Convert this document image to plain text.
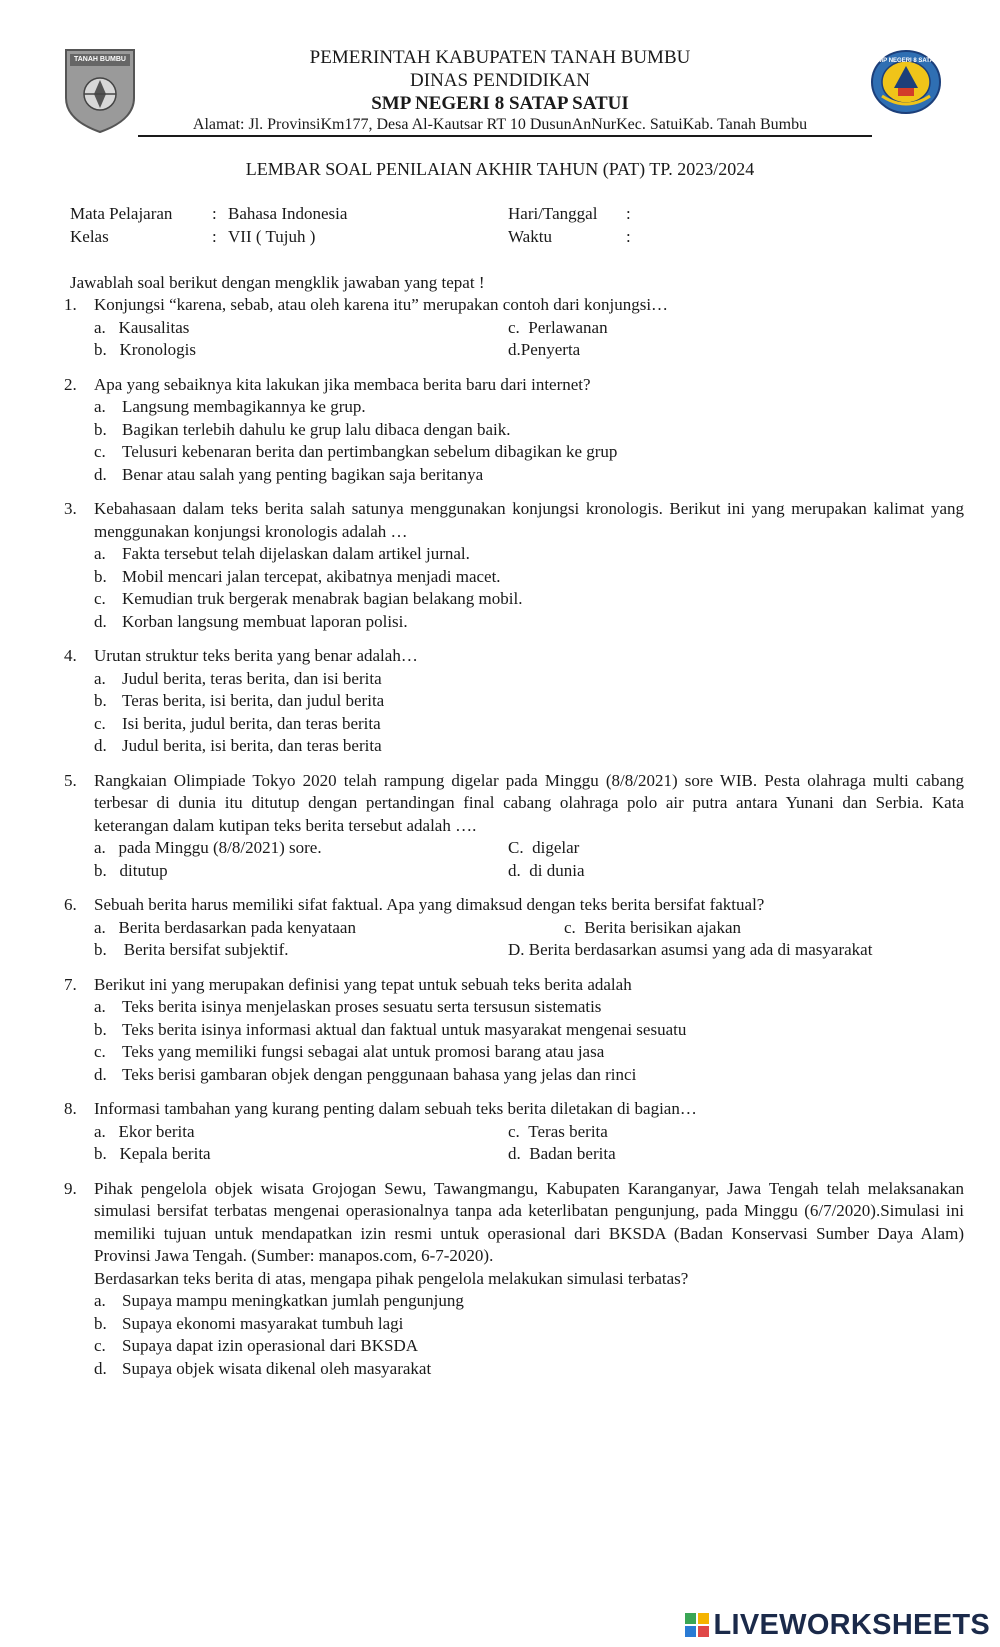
TANAH BUMBU	SMP NEGERI 8 SATAP
PEMERINTAH KABUPATEN TANAH BUMBU
DINAS PENDIDIKAN
SMP NEGERI 8 SATAP SATUI
Alamat: Jl. ProvinsiKm177, Desa Al-Kautsar RT 10 DusunAnNurKec. SatuiKab. Tanah Bumbu
LEMBAR SOAL PENILAIAN AKHIR TAHUN (PAT) TP. 2023/2024
Mata Pelajaran : Bahasa Indonesia	Hari/Tanggal :
Kelas	: VII ( Tujuh )	Waktu	:
Jawablah soal berikut dengan mengklik jawaban yang tepat !
1. Konjungsi “karena, sebab, atau oleh karena itu” merupakan contoh dari konjungsi…
a. Kausalitas	c. Perlawanan
b. Kronologis	d.Penyerta
2. Apa yang sebaiknya kita lakukan jika membaca berita baru dari internet?
a. Langsung membagikannya ke grup.
b. Bagikan terlebih dahulu ke grup lalu dibaca dengan baik.
c. Telusuri kebenaran berita dan pertimbangkan sebelum dibagikan ke grup
d. Benar atau salah yang penting bagikan saja beritanya
3. Kebahasaan dalam teks berita salah satunya menggunakan konjungsi kronologis. Berikut ini yang merupakan kalimat yang menggunakan konjungsi kronologis adalah …
a. Fakta tersebut telah dijelaskan dalam artikel jurnal.
b. Mobil mencari jalan tercepat, akibatnya menjadi macet.
c. Kemudian truk bergerak menabrak bagian belakang mobil.
d. Korban langsung membuat laporan polisi.
4. Urutan struktur teks berita yang benar adalah…
a. Judul berita, teras berita, dan isi berita
b. Teras berita, isi berita, dan judul berita
c. Isi berita, judul berita, dan teras berita
d. Judul berita, isi berita, dan teras berita
5. Rangkaian Olimpiade Tokyo 2020 telah rampung digelar pada Minggu (8/8/2021) sore WIB. Pesta olahraga multi cabang terbesar di dunia itu ditutup dengan pertandingan final cabang olahraga polo air putra antara Yunani dan Serbia. Kata keterangan dalam kutipan teks berita tersebut adalah ….
a. pada Minggu (8/8/2021) sore.	C. digelar
b. ditutup	d. di dunia
6. Sebuah berita harus memiliki sifat faktual. Apa yang dimaksud dengan teks berita bersifat faktual?
a. Berita berdasarkan pada kenyataan	c. Berita berisikan ajakan
b.    Berita bersifat subjektif.	D. Berita berdasarkan asumsi yang ada di masyarakat
7. Berikut ini yang merupakan definisi yang tepat untuk sebuah teks berita adalah
a. Teks berita isinya menjelaskan proses sesuatu serta tersusun sistematis
b. Teks berita isinya informasi aktual dan faktual untuk masyarakat mengenai sesuatu
c. Teks yang memiliki fungsi sebagai alat untuk promosi barang atau jasa
d. Teks berisi gambaran objek dengan penggunaan bahasa yang jelas dan rinci
8. Informasi tambahan yang kurang penting dalam sebuah teks berita diletakan di bagian…
a. Ekor berita	c. Teras berita
b. Kepala berita	d. Badan berita
9. Pihak pengelola objek wisata Grojogan Sewu, Tawangmangu, Kabupaten Karanganyar, Jawa Tengah telah melaksanakan simulasi bersifat terbatas mengenai operasionalnya tanpa ada keterlibatan pengunjung, pada Minggu (6/7/2020).Simulasi ini memiliki tujuan untuk mendapatkan izin resmi untuk operasional dari BKSDA (Badan Konservasi Sumber Daya Alam) Provinsi Jawa Tengah. (Sumber: manapos.com, 6-7-2020).
Berdasarkan teks berita di atas, mengapa pihak pengelola melakukan simulasi terbatas?
a. Supaya mampu meningkatkan jumlah pengunjung
b. Supaya ekonomi masyarakat tumbuh lagi
c. Supaya dapat izin operasional dari BKSDA
d. Supaya objek wisata dikenal oleh masyarakat
LIVEWORKSHEETS
